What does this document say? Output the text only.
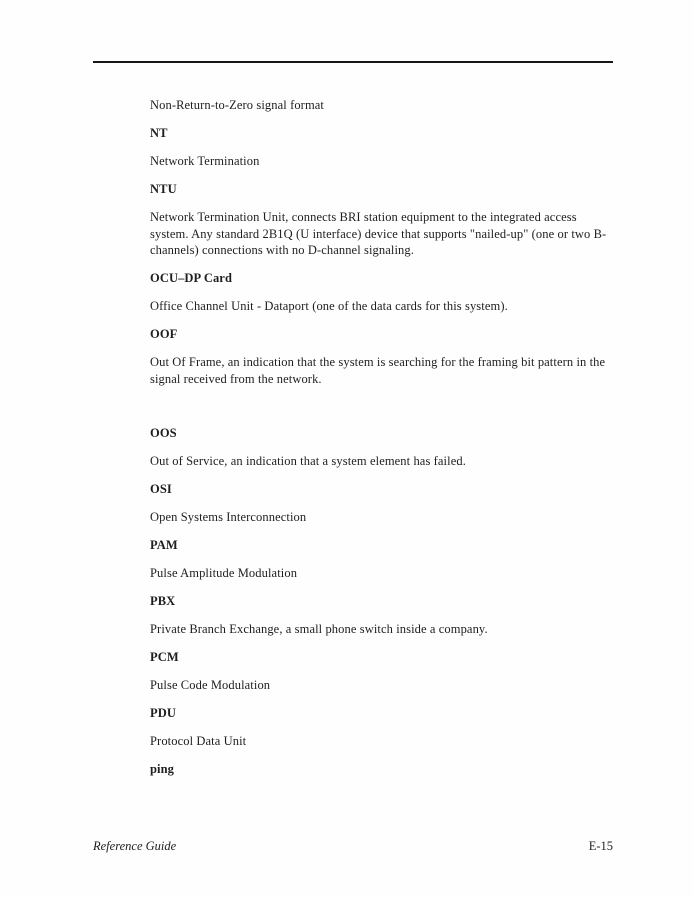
Non-Return-to-Zero signal format

NT

Network Termination

NTU

Network Termination Unit, connects BRI station equipment to the integrated access system. Any standard 2B1Q (U interface) device that supports "nailed-up" (one or two B-channels) connections with no D-channel signaling.

OCU–DP Card

Office Channel Unit - Dataport (one of the data cards for this system).

OOF

Out Of Frame, an indication that the system is searching for the framing bit pattern in the signal received from the network.

OOS

Out of Service, an indication that a system element has failed.

OSI

Open Systems Interconnection

PAM

Pulse Amplitude Modulation

PBX

Private Branch Exchange, a small phone switch inside a company.

PCM

Pulse Code Modulation

PDU

Protocol Data Unit

ping

Reference Guide	E-15
